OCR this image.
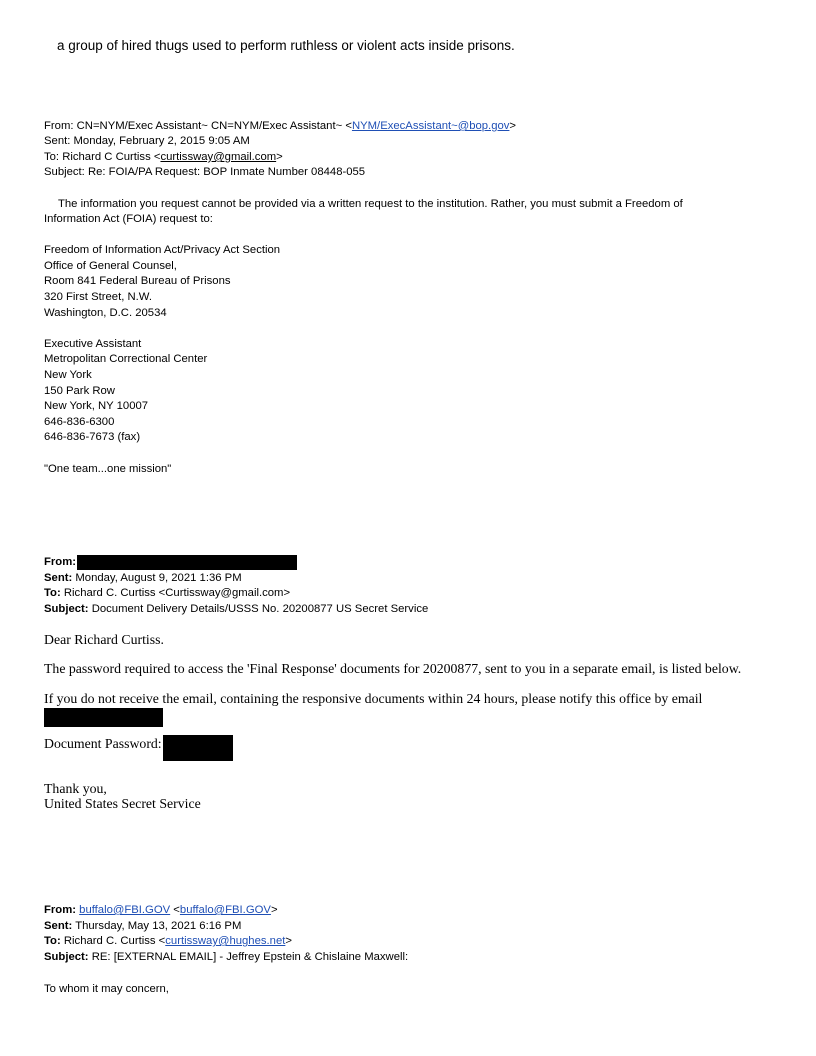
a group of hired thugs used to perform ruthless or violent acts inside prisons.
From: CN=NYM/Exec Assistant~ CN=NYM/Exec Assistant~ <NYM/ExecAssistant~@bop.gov>
Sent: Monday, February 2, 2015 9:05 AM
To: Richard C Curtiss <curtissway@gmail.com>
Subject: Re: FOIA/PA Request: BOP Inmate Number 08448-055
The information you request cannot be provided via a written request to the institution. Rather, you must submit a Freedom of
Information Act (FOIA) request to:
Freedom of Information Act/Privacy Act Section
Office of General Counsel,
Room 841 Federal Bureau of Prisons
320 First Street, N.W.
Washington, D.C. 20534
Executive Assistant
Metropolitan Correctional Center
New York
150 Park Row
New York, NY 10007
646-836-6300
646-836-7673 (fax)
"One team...one mission"
From:
Sent: Monday, August 9, 2021 1:36 PM
To: Richard C. Curtiss <Curtissway@gmail.com>
Subject: Document Delivery Details/USSS No. 20200877 US Secret Service
Dear Richard Curtiss.
The password required to access the 'Final Response' documents for 20200877, sent to you in a separate email, is listed below.
If you do not receive the email, containing the responsive documents within 24 hours, please notify this office by email
Document Password:
Thank you,
United States Secret Service
From: buffalo@FBI.GOV <buffalo@FBI.GOV>
Sent: Thursday, May 13, 2021 6:16 PM
To: Richard C. Curtiss <curtissway@hughes.net>
Subject: RE: [EXTERNAL EMAIL] - Jeffrey Epstein & Chislaine Maxwell:
To whom it may concern,
